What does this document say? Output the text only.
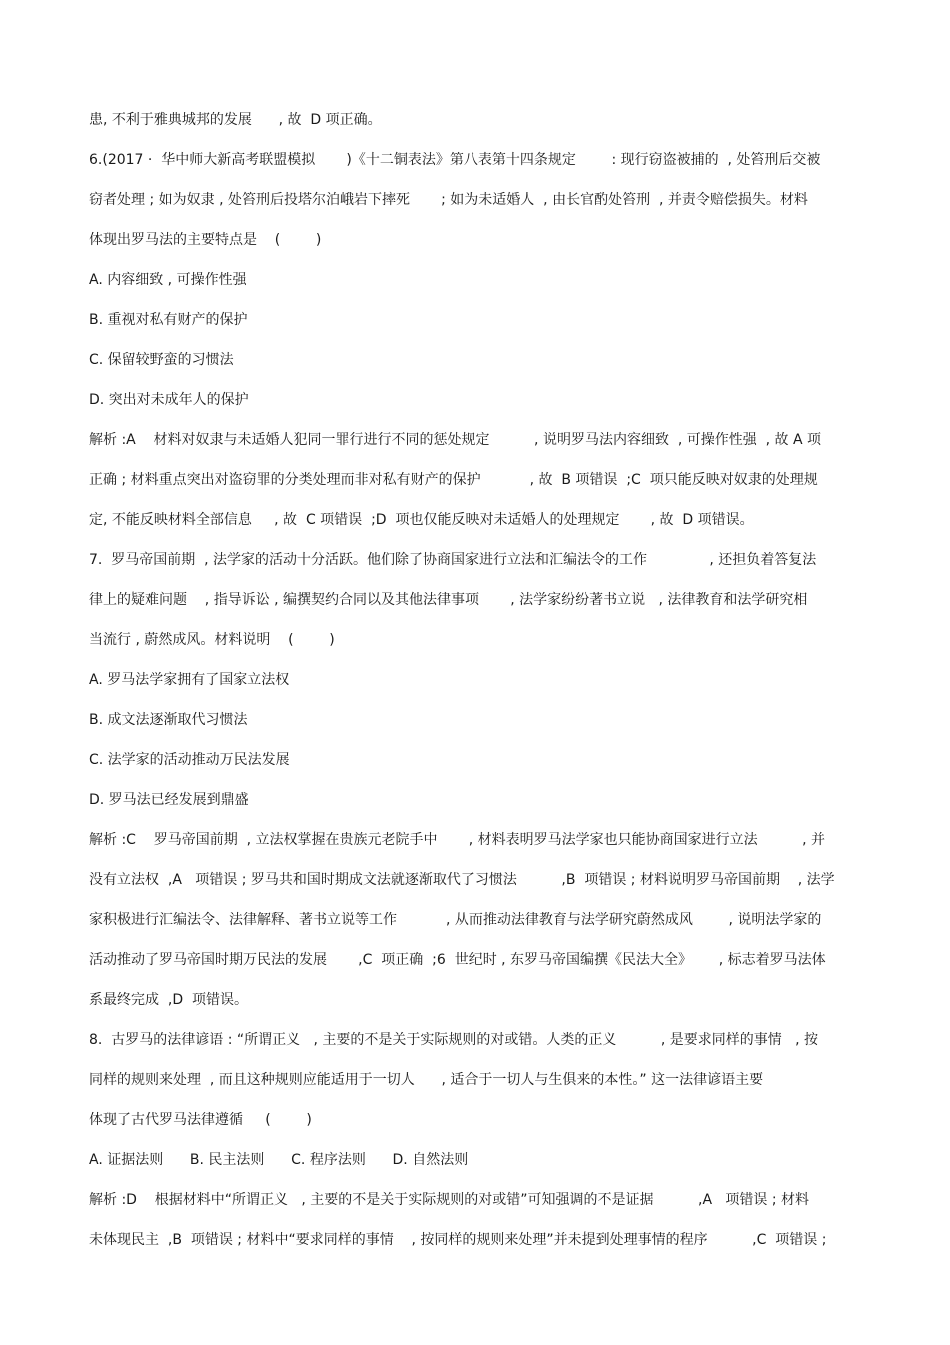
患, 不利于雅典城邦的发展      , 故  D 项正确。
6.(2017 ·  华中师大新高考联盟模拟       )《十二铜表法》第八表第十四条规定        : 现行窃盗被捕的  , 处笞刑后交被
窃者处理 ; 如为奴隶 , 处笞刑后投塔尔泊峨岩下摔死       ; 如为未适婚人  , 由长官酌处笞刑  , 并责令赔偿损失。材料
体现出罗马法的主要特点是    (        )
A. 内容细致 , 可操作性强
B. 重视对私有财产的保护
C. 保留较野蛮的习惯法
D. 突出对未成年人的保护
解析 :A    材料对奴隶与未适婚人犯同一罪行进行不同的惩处规定          , 说明罗马法内容细致  , 可操作性强  , 故 A 项
正确 ; 材料重点突出对盗窃罪的分类处理而非对私有财产的保护           , 故  B 项错误  ;C  项只能反映对奴隶的处理规
定, 不能反映材料全部信息     , 故  C 项错误  ;D  项也仅能反映对未适婚人的处理规定       , 故  D 项错误。
7.  罗马帝国前期  , 法学家的活动十分活跃。他们除了协商国家进行立法和汇编法令的工作              , 还担负着答复法
律上的疑难问题    , 指导诉讼 , 编撰契约合同以及其他法律事项       , 法学家纷纷著书立说   , 法律教育和法学研究相
当流行 , 蔚然成风。材料说明    (        )
A. 罗马法学家拥有了国家立法权
B. 成文法逐渐取代习惯法
C. 法学家的活动推动万民法发展
D. 罗马法已经发展到鼎盛
解析 :C    罗马帝国前期  , 立法权掌握在贵族元老院手中       , 材料表明罗马法学家也只能协商国家进行立法          , 并
没有立法权  ,A   项错误 ; 罗马共和国时期成文法就逐渐取代了习惯法          ,B  项错误 ; 材料说明罗马帝国前期    , 法学
家积极进行汇编法令、法律解释、著书立说等工作           , 从而推动法律教育与法学研究蔚然成风        , 说明法学家的
活动推动了罗马帝国时期万民法的发展       ,C  项正确  ;6  世纪时 , 东罗马帝国编撰《民法大全》      , 标志着罗马法体
系最终完成  ,D  项错误。
8.  古罗马的法律谚语 : “所谓正义   , 主要的不是关于实际规则的对或错。人类的正义          , 是要求同样的事情   , 按
同样的规则来处理  , 而且这种规则应能适用于一切人      , 适合于一切人与生俱来的本性。” 这一法律谚语主要
体现了古代罗马法律遵循     (        )
A. 证据法则      B. 民主法则      C. 程序法则      D. 自然法则
解析 :D    根据材料中“所谓正义   , 主要的不是关于实际规则的对或错”可知强调的不是证据          ,A   项错误 ; 材料
未体现民主  ,B  项错误 ; 材料中“要求同样的事情    , 按同样的规则来处理”并未提到处理事情的程序          ,C  项错误 ;
